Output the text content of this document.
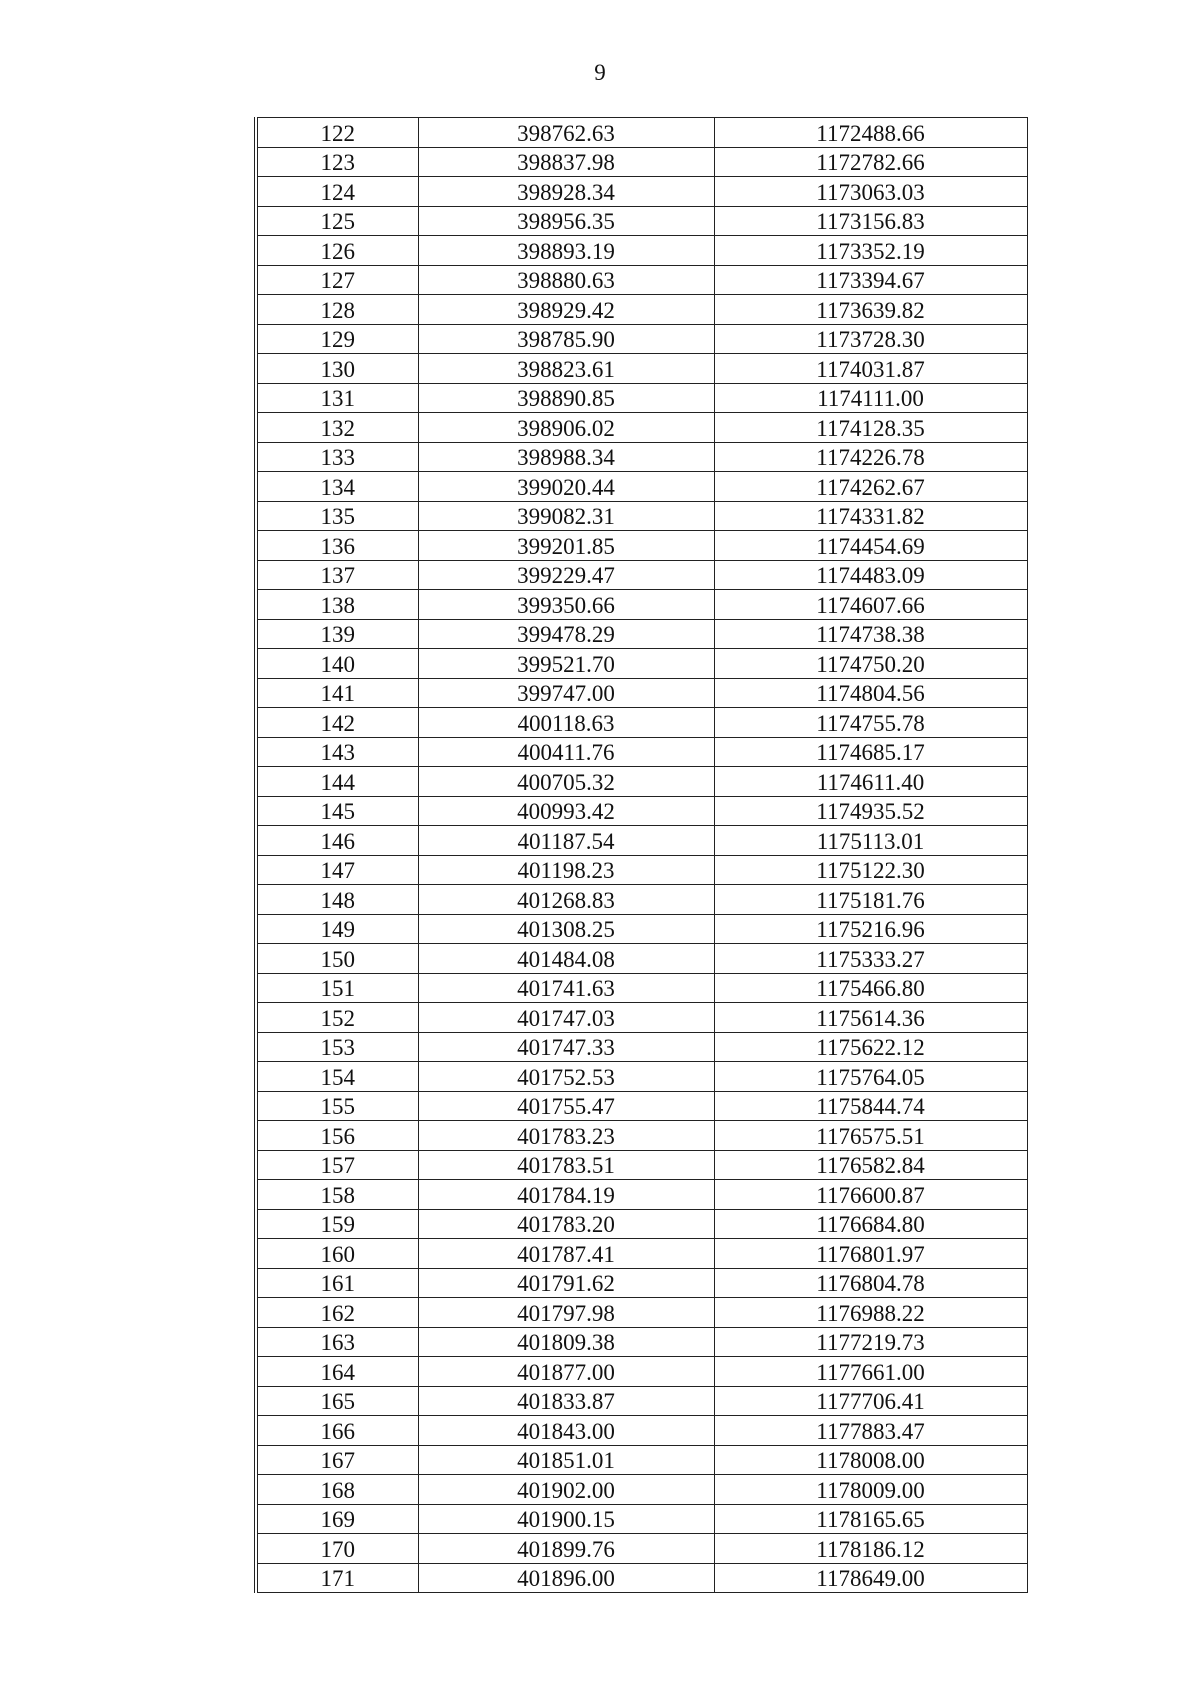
9
122	398762.63	1172488.66
123	398837.98	1172782.66
124	398928.34	1173063.03
125	398956.35	1173156.83
126	398893.19	1173352.19
127	398880.63	1173394.67
128	398929.42	1173639.82
129	398785.90	1173728.30
130	398823.61	1174031.87
131	398890.85	1174111.00
132	398906.02	1174128.35
133	398988.34	1174226.78
134	399020.44	1174262.67
135	399082.31	1174331.82
136	399201.85	1174454.69
137	399229.47	1174483.09
138	399350.66	1174607.66
139	399478.29	1174738.38
140	399521.70	1174750.20
141	399747.00	1174804.56
142	400118.63	1174755.78
143	400411.76	1174685.17
144	400705.32	1174611.40
145	400993.42	1174935.52
146	401187.54	1175113.01
147	401198.23	1175122.30
148	401268.83	1175181.76
149	401308.25	1175216.96
150	401484.08	1175333.27
151	401741.63	1175466.80
152	401747.03	1175614.36
153	401747.33	1175622.12
154	401752.53	1175764.05
155	401755.47	1175844.74
156	401783.23	1176575.51
157	401783.51	1176582.84
158	401784.19	1176600.87
159	401783.20	1176684.80
160	401787.41	1176801.97
161	401791.62	1176804.78
162	401797.98	1176988.22
163	401809.38	1177219.73
164	401877.00	1177661.00
165	401833.87	1177706.41
166	401843.00	1177883.47
167	401851.01	1178008.00
168	401902.00	1178009.00
169	401900.15	1178165.65
170	401899.76	1178186.12
171	401896.00	1178649.00
